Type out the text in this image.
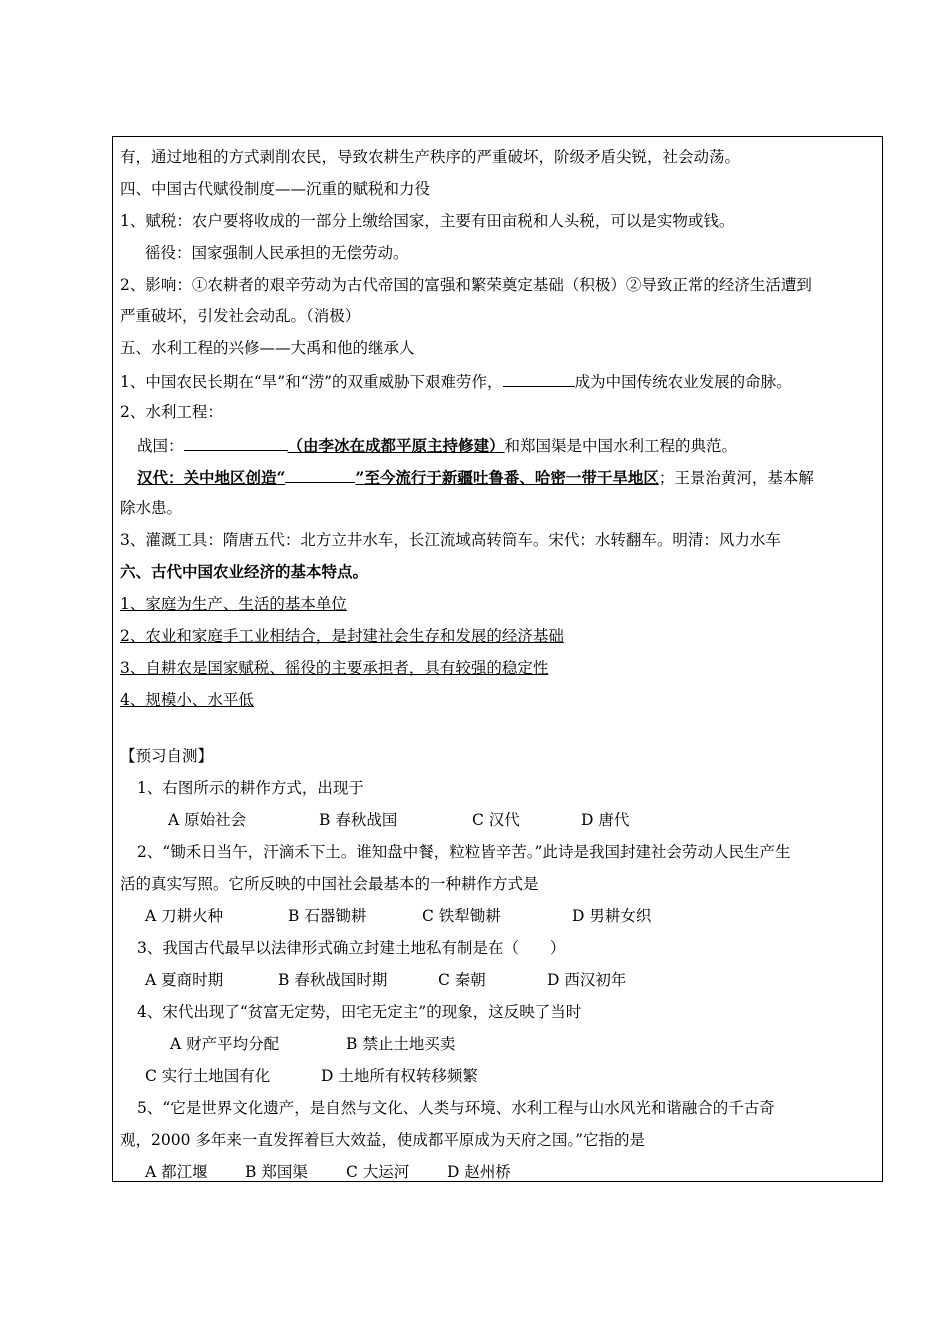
有，通过地租的方式剥削农民，导致农耕生产秩序的严重破坏，阶级矛盾尖锐，社会动荡。
四、中国古代赋役制度——沉重的赋税和力役
1、赋税：农户要将收成的一部分上缴给国家，主要有田亩税和人头税，可以是实物或钱。
徭役：国家强制人民承担的无偿劳动。
2、影响：①农耕者的艰辛劳动为古代帝国的富强和繁荣奠定基础（积极）②导致正常的经济生活遭到
严重破坏，引发社会动乱。（消极）
五、水利工程的兴修——大禹和他的继承人
1、中国农民长期在“旱”和“涝”的双重威胁下艰难劳作，	成为中国传统农业发展的命脉。
2、水利工程：
战国：	（由李冰在成都平原主持修建）和郑国渠是中国水利工程的典范。
汉代：关中地区创造“	”至今流行于新疆吐鲁番、哈密一带干旱地区；王景治黄河，基本解
除水患。
3、灌溉工具：隋唐五代：北方立井水车，长江流域高转筒车。宋代：水转翻车。明清：风力水车
六、古代中国农业经济的基本特点。
1、家庭为生产、生活的基本单位
2、农业和家庭手工业相结合，是封建社会生存和发展的经济基础
3、自耕农是国家赋税、徭役的主要承担者，具有较强的稳定性
4、规模小、水平低
【预习自测】
1、右图所示的耕作方式，出现于
A 原始社会	B 春秋战国	C 汉代	D 唐代
2、“锄禾日当午，汗滴禾下土。谁知盘中餐，粒粒皆辛苦。”此诗是我国封建社会劳动人民生产生
活的真实写照。它所反映的中国社会最基本的一种耕作方式是
A 刀耕火种	B 石器锄耕	C 铁犁锄耕	D 男耕女织
3、我国古代最早以法律形式确立封建土地私有制是在（　　）
A 夏商时期	B 春秋战国时期	C 秦朝	D 西汉初年
4、宋代出现了“贫富无定势，田宅无定主”的现象，这反映了当时
A 财产平均分配	B 禁止土地买卖
C 实行土地国有化	D 土地所有权转移频繁
5、“它是世界文化遗产，是自然与文化、人类与环境、水利工程与山水风光和谐融合的千古奇
观，2000 多年来一直发挥着巨大效益，使成都平原成为天府之国。”它指的是
A 都江堰 B 郑国渠 C 大运河 D 赵州桥
